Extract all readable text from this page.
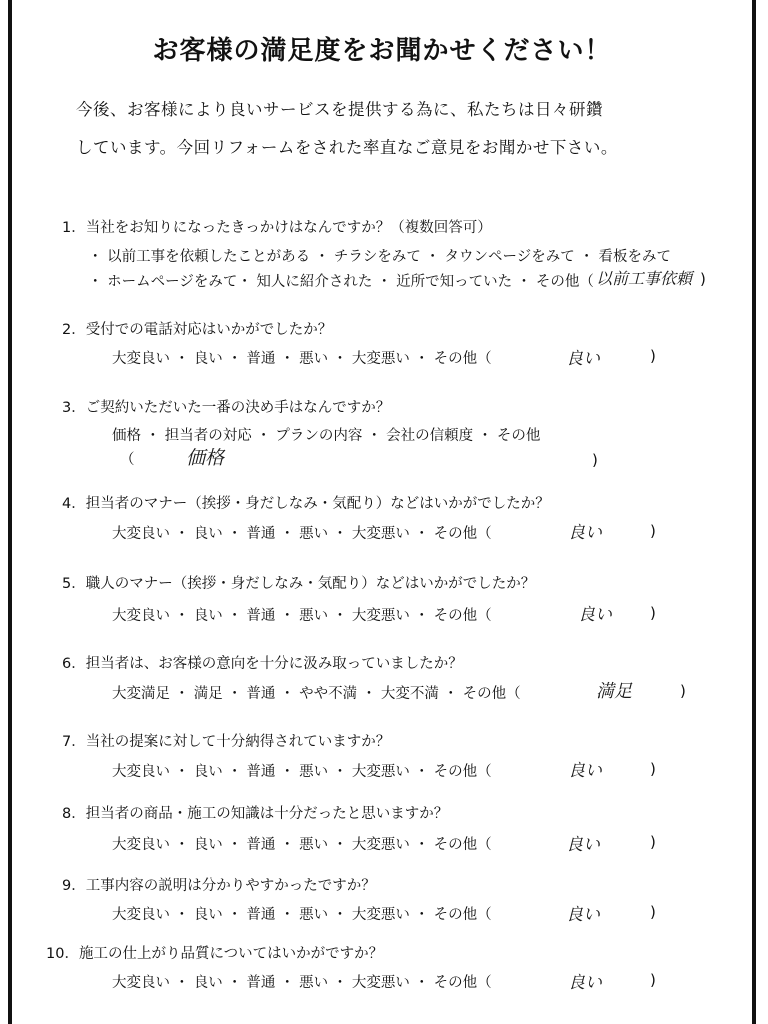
お客様の満足度をお聞かせください！
今後、お客様により良いサービスを提供する為に、私たちは日々研鑽
しています。今回リフォームをされた率直なご意見をお聞かせ下さい。
1．当社をお知りになったきっかけはなんですか？（複数回答可）
・ 以前工事を依頼したことがある ・ チラシをみて ・ タウンページをみて ・ 看板をみて
・ ホームページをみて・ 知人に紹介された ・ 近所で知っていた ・ その他（ 以前工事依頼 )
2．受付での電話対応はいかがでしたか？
大変良い ・ 良い ・ 普通 ・ 悪い ・ 大変悪い ・ その他（	良い	)
3．ご契約いただいた一番の決め手はなんですか？
価格 ・ 担当者の対応 ・ プランの内容 ・ 会社の信頼度 ・ その他
（	価格	)
4．担当者のマナー（挨拶・身だしなみ・気配り）などはいかがでしたか？
大変良い ・ 良い ・ 普通 ・ 悪い ・ 大変悪い ・ その他（	良い	)
5．職人のマナー（挨拶・身だしなみ・気配り）などはいかがでしたか？
大変良い ・ 良い ・ 普通 ・ 悪い ・ 大変悪い ・ その他（	良い	)
6．担当者は、お客様の意向を十分に汲み取っていましたか？
大変満足 ・ 満足 ・ 普通 ・ やや不満 ・ 大変不満 ・ その他（	満足	)
7．当社の提案に対して十分納得されていますか？
大変良い ・ 良い ・ 普通 ・ 悪い ・ 大変悪い ・ その他（	良い	)
8．担当者の商品・施工の知識は十分だったと思いますか？
大変良い ・ 良い ・ 普通 ・ 悪い ・ 大変悪い ・ その他（	良い	)
9．工事内容の説明は分かりやすかったですか？
大変良い ・ 良い ・ 普通 ・ 悪い ・ 大変悪い ・ その他（	良い	)
10．施工の仕上がり品質についてはいかがですか？
大変良い ・ 良い ・ 普通 ・ 悪い ・ 大変悪い ・ その他（	良い	)
